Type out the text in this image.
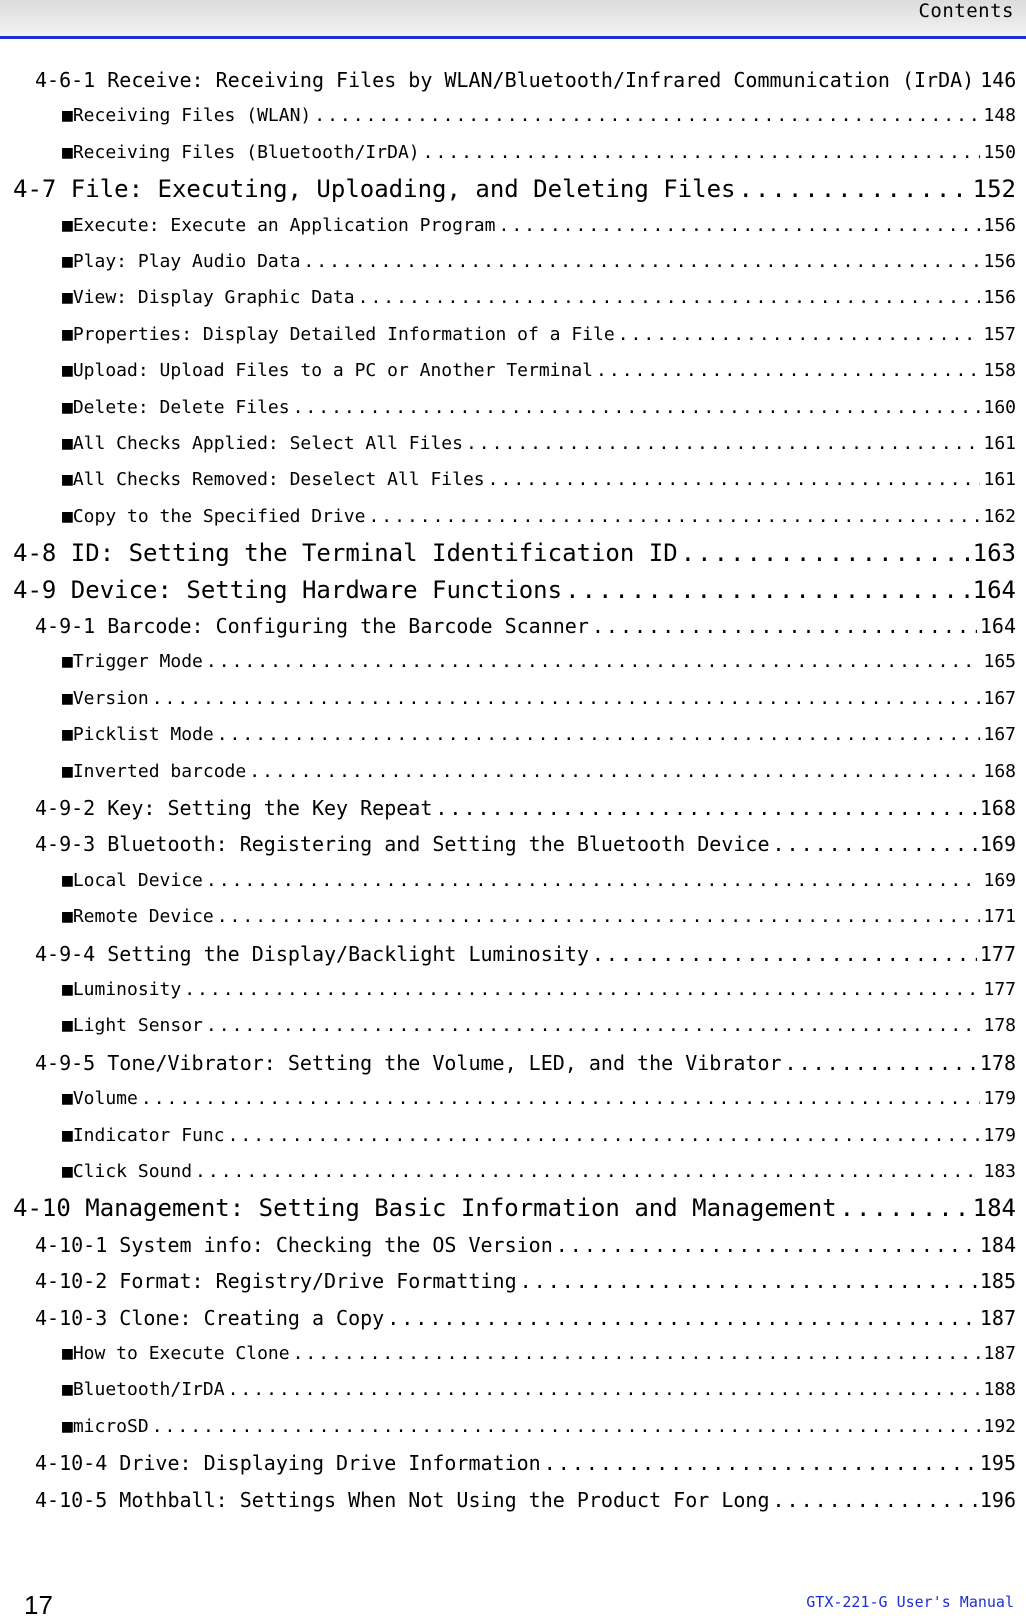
Contents
4-6-1 Receive: Receiving Files by WLAN/Bluetooth/Infrared Communication (IrDA) 146
■Receiving Files (WLAN) .....	148
■Receiving Files (Bluetooth/IrDA) .....	150
4-7 File: Executing, Uploading, and Deleting Files .....	152
■Execute: Execute an Application Program .....	156
■Play: Play Audio Data .....	156
■View: Display Graphic Data .....	156
■Properties: Display Detailed Information of a File .....	157
■Upload: Upload Files to a PC or Another Terminal .....	158
■Delete: Delete Files .....	160
■All Checks Applied: Select All Files .....	161
■All Checks Removed: Deselect All Files .....	161
■Copy to the Specified Drive .....	162
4-8 ID: Setting the Terminal Identification ID .....	163
4-9 Device: Setting Hardware Functions .....	164
4-9-1 Barcode: Configuring the Barcode Scanner .....	164
■Trigger Mode .....	165
■Version .....	167
■Picklist Mode .....	167
■Inverted barcode .....	168
4-9-2 Key: Setting the Key Repeat .....	168
4-9-3 Bluetooth: Registering and Setting the Bluetooth Device .....	169
■Local Device .....	169
■Remote Device .....	171
4-9-4 Setting the Display/Backlight Luminosity .....	177
■Luminosity .....	177
■Light Sensor .....	178
4-9-5 Tone/Vibrator: Setting the Volume, LED, and the Vibrator .....	178
■Volume .....	179
■Indicator Func .....	179
■Click Sound .....	183
4-10 Management: Setting Basic Information and Management .....	184
4-10-1 System info: Checking the OS Version .....	184
4-10-2 Format: Registry/Drive Formatting .....	185
4-10-3 Clone: Creating a Copy .....	187
■How to Execute Clone .....	187
■Bluetooth/IrDA .....	188
■microSD .....	192
4-10-4 Drive: Displaying Drive Information .....	195
4-10-5 Mothball: Settings When Not Using the Product For Long .....	196
17	GTX-221-G User's Manual
